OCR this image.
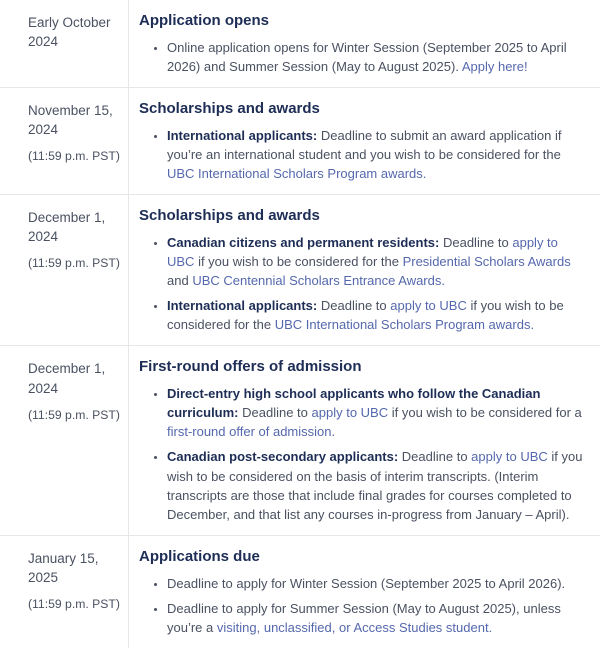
Early October 2024
Application opens
• Online application opens for Winter Session (September 2025 to April 2026) and Summer Session (May to August 2025). Apply here!
November 15, 2024
(11:59 p.m. PST)
Scholarships and awards
• International applicants: Deadline to submit an award application if you’re an international student and you wish to be considered for the UBC International Scholars Program awards.
December 1, 2024
(11:59 p.m. PST)
Scholarships and awards
• Canadian citizens and permanent residents: Deadline to apply to UBC if you wish to be considered for the Presidential Scholars Awards and UBC Centennial Scholars Entrance Awards.
• International applicants: Deadline to apply to UBC if you wish to be considered for the UBC International Scholars Program awards.
December 1, 2024
(11:59 p.m. PST)
First-round offers of admission
• Direct-entry high school applicants who follow the Canadian curriculum: Deadline to apply to UBC if you wish to be considered for a first-round offer of admission.
• Canadian post-secondary applicants: Deadline to apply to UBC if you wish to be considered on the basis of interim transcripts. (Interim transcripts are those that include final grades for courses completed to December, and that list any courses in-progress from January – April).
January 15, 2025
(11:59 p.m. PST)
Applications due
• Deadline to apply for Winter Session (September 2025 to April 2026).
• Deadline to apply for Summer Session (May to August 2025), unless you’re a visiting, unclassified, or Access Studies student.
